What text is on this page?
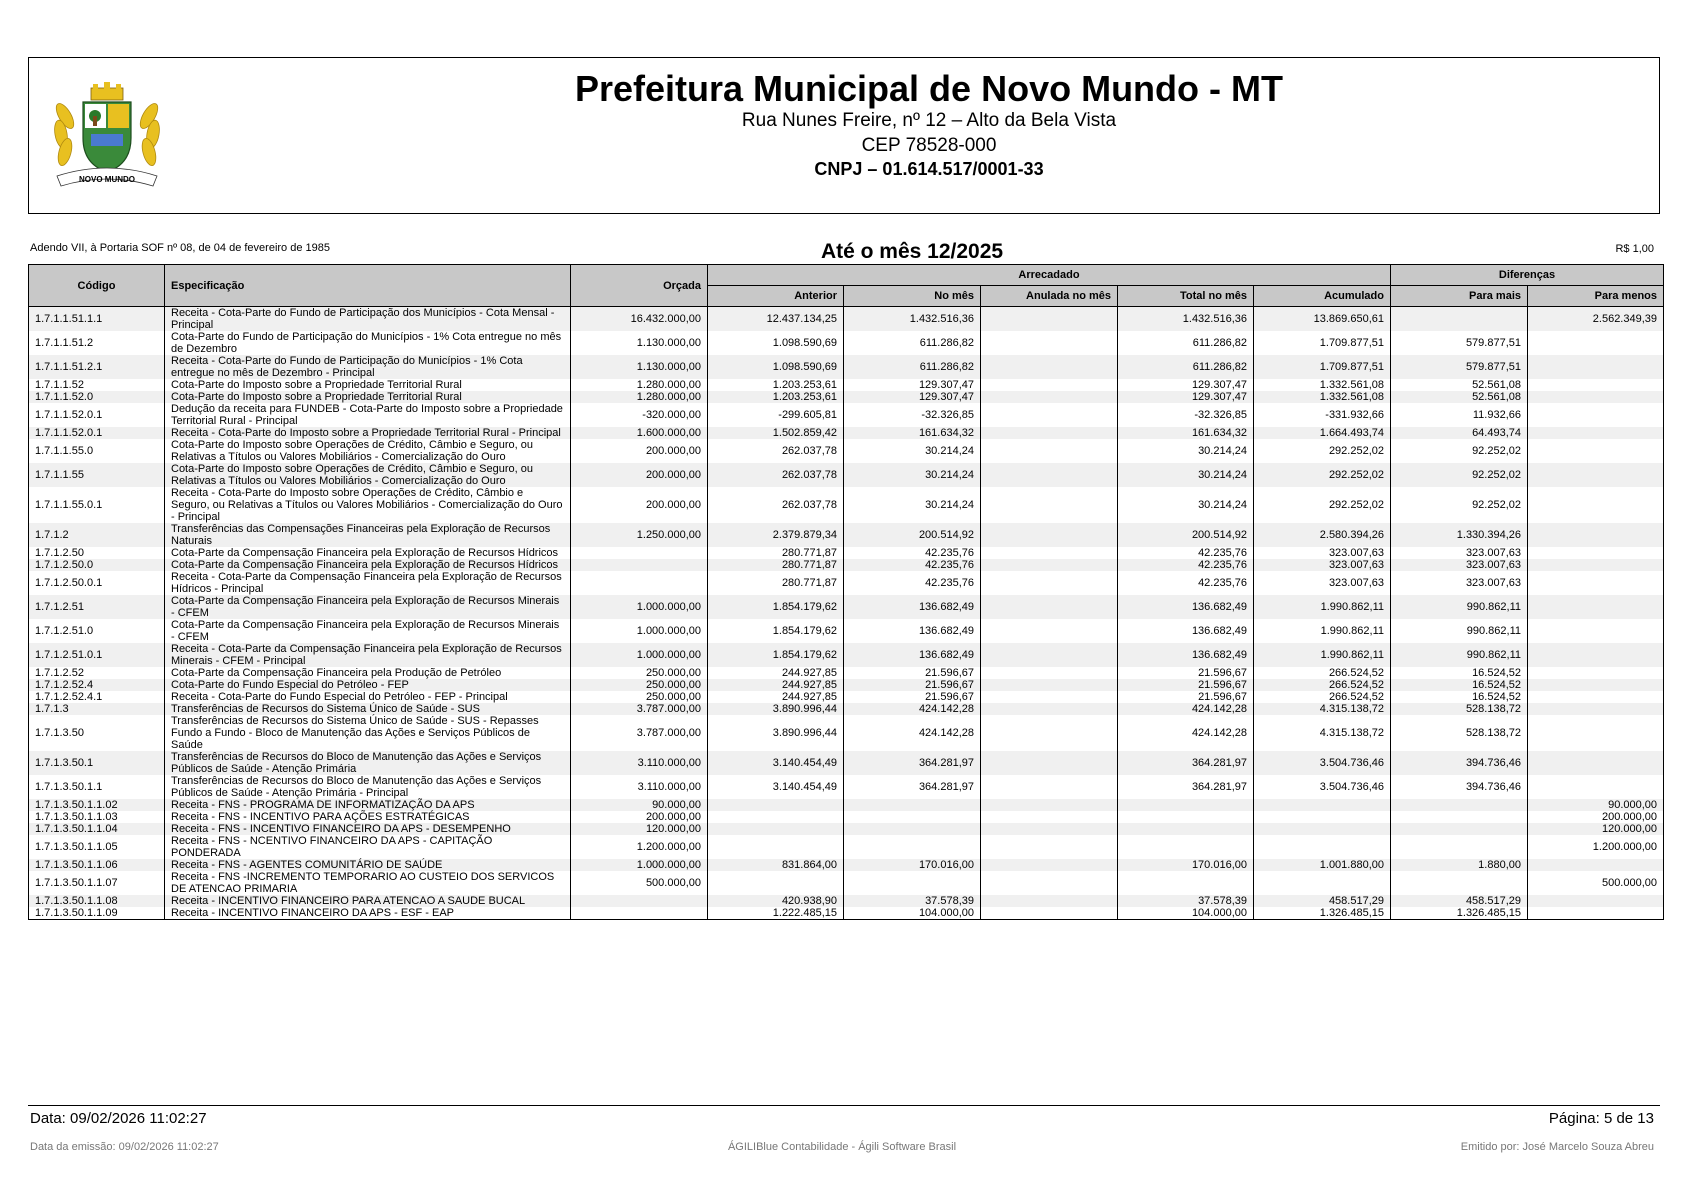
NOVO MUNDO
Prefeitura Municipal de Novo Mundo - MT
Rua Nunes Freire, nº 12 – Alto da Bela Vista
CEP 78528-000
CNPJ – 01.614.517/0001-33
Adendo VII, à Portaria SOF nº 08, de 04 de fevereiro de 1985	Até o mês 12/2025	R$ 1,00
Código	Especificação	Orçada	Arrecadado					Diferenças	
			Anterior	No mês	Anulada no mês	Total no mês	Acumulado	Para mais	Para menos
1.7.1.1.51.1.1	Receita - Cota-Parte do Fundo de Participação dos Municípios - Cota Mensal - Principal	16.432.000,00	12.437.134,25	1.432.516,36		1.432.516,36	13.869.650,61		2.562.349,39
1.7.1.1.51.2	Cota-Parte do Fundo de Participação do Municípios - 1% Cota entregue no mês de Dezembro	1.130.000,00	1.098.590,69	611.286,82		611.286,82	1.709.877,51	579.877,51	
1.7.1.1.51.2.1	Receita - Cota-Parte do Fundo de Participação do Municípios - 1% Cota entregue no mês de Dezembro - Principal	1.130.000,00	1.098.590,69	611.286,82		611.286,82	1.709.877,51	579.877,51	
1.7.1.1.52	Cota-Parte do Imposto sobre a Propriedade Territorial Rural	1.280.000,00	1.203.253,61	129.307,47		129.307,47	1.332.561,08	52.561,08	
1.7.1.1.52.0	Cota-Parte do Imposto sobre a Propriedade Territorial Rural	1.280.000,00	1.203.253,61	129.307,47		129.307,47	1.332.561,08	52.561,08	
1.7.1.1.52.0.1	Dedução da receita para FUNDEB - Cota-Parte do Imposto sobre a Propriedade Territorial Rural - Principal	-320.000,00	-299.605,81	-32.326,85		-32.326,85	-331.932,66	11.932,66	
1.7.1.1.52.0.1	Receita - Cota-Parte do Imposto sobre a Propriedade Territorial Rural - Principal	1.600.000,00	1.502.859,42	161.634,32		161.634,32	1.664.493,74	64.493,74	
1.7.1.1.55.0	Cota-Parte do Imposto sobre Operações de Crédito, Câmbio e Seguro, ou Relativas a Títulos ou Valores Mobiliários - Comercialização do Ouro	200.000,00	262.037,78	30.214,24		30.214,24	292.252,02	92.252,02	
1.7.1.1.55	Cota-Parte do Imposto sobre Operações de Crédito, Câmbio e Seguro, ou Relativas a Títulos ou Valores Mobiliários - Comercialização do Ouro	200.000,00	262.037,78	30.214,24		30.214,24	292.252,02	92.252,02	
1.7.1.1.55.0.1	Receita - Cota-Parte do Imposto sobre Operações de Crédito, Câmbio e Seguro, ou Relativas a Títulos ou Valores Mobiliários - Comercialização do Ouro - Principal	200.000,00	262.037,78	30.214,24		30.214,24	292.252,02	92.252,02	
1.7.1.2	Transferências das Compensações Financeiras pela Exploração de Recursos Naturais	1.250.000,00	2.379.879,34	200.514,92		200.514,92	2.580.394,26	1.330.394,26	
1.7.1.2.50	Cota-Parte da Compensação Financeira pela Exploração de Recursos Hídricos		280.771,87	42.235,76		42.235,76	323.007,63	323.007,63	
1.7.1.2.50.0	Cota-Parte da Compensação Financeira pela Exploração de Recursos Hídricos		280.771,87	42.235,76		42.235,76	323.007,63	323.007,63	
1.7.1.2.50.0.1	Receita - Cota-Parte da Compensação Financeira pela Exploração de Recursos Hídricos - Principal		280.771,87	42.235,76		42.235,76	323.007,63	323.007,63	
1.7.1.2.51	Cota-Parte da Compensação Financeira pela Exploração de Recursos Minerais - CFEM	1.000.000,00	1.854.179,62	136.682,49		136.682,49	1.990.862,11	990.862,11	
1.7.1.2.51.0	Cota-Parte da Compensação Financeira pela Exploração de Recursos Minerais - CFEM	1.000.000,00	1.854.179,62	136.682,49		136.682,49	1.990.862,11	990.862,11	
1.7.1.2.51.0.1	Receita - Cota-Parte da Compensação Financeira pela Exploração de Recursos Minerais - CFEM - Principal	1.000.000,00	1.854.179,62	136.682,49		136.682,49	1.990.862,11	990.862,11	
1.7.1.2.52	Cota-Parte da Compensação Financeira pela Produção de Petróleo	250.000,00	244.927,85	21.596,67		21.596,67	266.524,52	16.524,52	
1.7.1.2.52.4	Cota-Parte do Fundo Especial do Petróleo - FEP	250.000,00	244.927,85	21.596,67		21.596,67	266.524,52	16.524,52	
1.7.1.2.52.4.1	Receita - Cota-Parte do Fundo Especial do Petróleo - FEP - Principal	250.000,00	244.927,85	21.596,67		21.596,67	266.524,52	16.524,52	
1.7.1.3	Transferências de Recursos do Sistema Único de Saúde - SUS	3.787.000,00	3.890.996,44	424.142,28		424.142,28	4.315.138,72	528.138,72	
1.7.1.3.50	Transferências de Recursos do Sistema Único de Saúde - SUS - Repasses Fundo a Fundo - Bloco de Manutenção das Ações e Serviços Públicos de Saúde	3.787.000,00	3.890.996,44	424.142,28		424.142,28	4.315.138,72	528.138,72	
1.7.1.3.50.1	Transferências de Recursos do Bloco de Manutenção das Ações e Serviços Públicos de Saúde - Atenção Primária	3.110.000,00	3.140.454,49	364.281,97		364.281,97	3.504.736,46	394.736,46	
1.7.1.3.50.1.1	Transferências de Recursos do Bloco de Manutenção das Ações e Serviços Públicos de Saúde - Atenção Primária - Principal	3.110.000,00	3.140.454,49	364.281,97		364.281,97	3.504.736,46	394.736,46	
1.7.1.3.50.1.1.02	Receita - FNS - PROGRAMA DE INFORMATIZAÇÃO DA APS	90.000,00							90.000,00
1.7.1.3.50.1.1.03	Receita - FNS - INCENTIVO PARA AÇÕES ESTRATÉGICAS	200.000,00							200.000,00
1.7.1.3.50.1.1.04	Receita - FNS - INCENTIVO FINANCEIRO DA APS - DESEMPENHO	120.000,00							120.000,00
1.7.1.3.50.1.1.05	Receita - FNS - NCENTIVO FINANCEIRO DA APS - CAPITAÇÃO PONDERADA	1.200.000,00							1.200.000,00
1.7.1.3.50.1.1.06	Receita - FNS - AGENTES COMUNITÁRIO DE SAÚDE	1.000.000,00	831.864,00	170.016,00		170.016,00	1.001.880,00	1.880,00	
1.7.1.3.50.1.1.07	Receita - FNS -INCREMENTO TEMPORARIO AO CUSTEIO DOS SERVICOS DE ATENCAO PRIMARIA	500.000,00							500.000,00
1.7.1.3.50.1.1.08	Receita - INCENTIVO FINANCEIRO PARA ATENCAO A SAUDE BUCAL		420.938,90	37.578,39		37.578,39	458.517,29	458.517,29	
1.7.1.3.50.1.1.09	Receita - INCENTIVO FINANCEIRO DA APS - ESF - EAP		1.222.485,15	104.000,00		104.000,00	1.326.485,15	1.326.485,15	
Data: 09/02/2026 11:02:27	Página: 5 de 13
Data da emissão: 09/02/2026 11:02:27	ÁGILIBlue Contabilidade - Ágili Software Brasil	Emitido por: José Marcelo Souza Abreu
